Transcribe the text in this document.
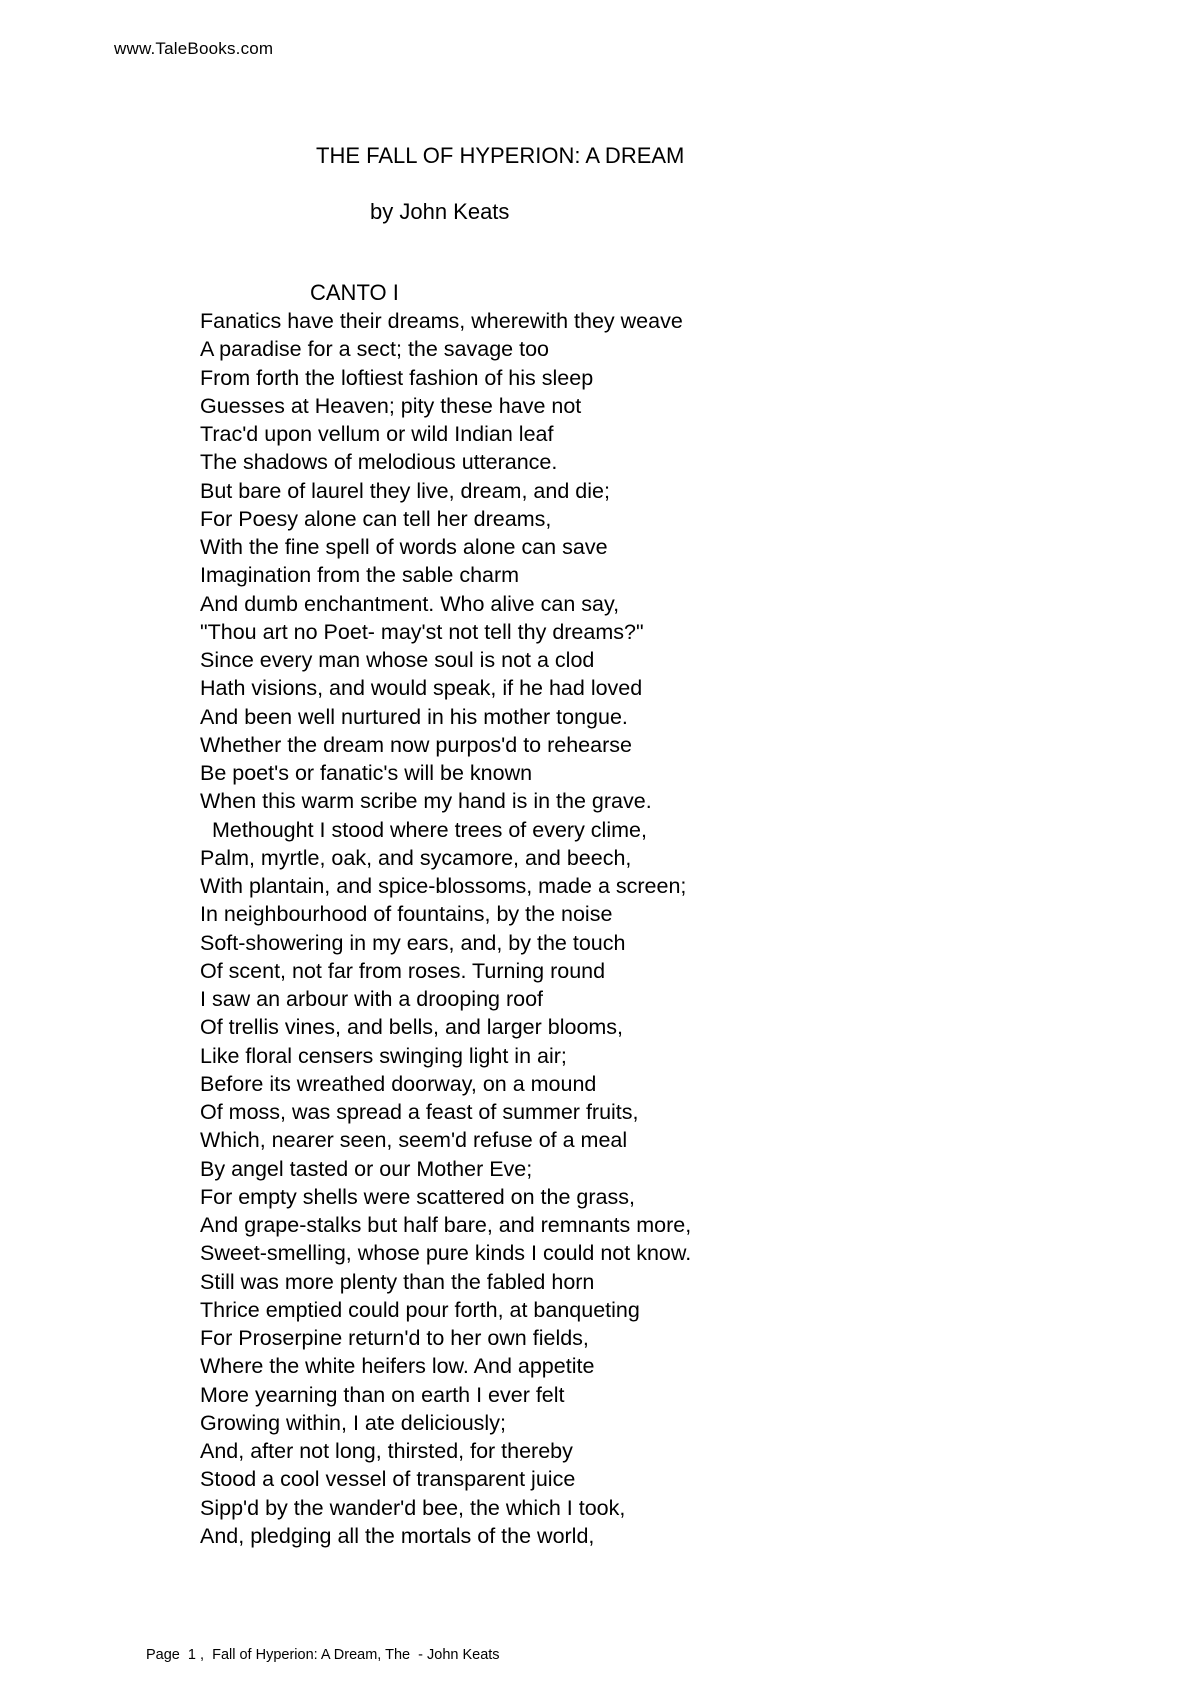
www.TaleBooks.com
THE FALL OF HYPERION: A DREAM
by John Keats
CANTO I
Fanatics have their dreams, wherewith they weave
A paradise for a sect; the savage too
From forth the loftiest fashion of his sleep
Guesses at Heaven; pity these have not
Trac'd upon vellum or wild Indian leaf
The shadows of melodious utterance.
But bare of laurel they live, dream, and die;
For Poesy alone can tell her dreams,
With the fine spell of words alone can save
Imagination from the sable charm
And dumb enchantment. Who alive can say,
"Thou art no Poet- may'st not tell thy dreams?"
Since every man whose soul is not a clod
Hath visions, and would speak, if he had loved
And been well nurtured in his mother tongue.
Whether the dream now purpos'd to rehearse
Be poet's or fanatic's will be known
When this warm scribe my hand is in the grave.
Methought I stood where trees of every clime,
Palm, myrtle, oak, and sycamore, and beech,
With plantain, and spice-blossoms, made a screen;
In neighbourhood of fountains, by the noise
Soft-showering in my ears, and, by the touch
Of scent, not far from roses. Turning round
I saw an arbour with a drooping roof
Of trellis vines, and bells, and larger blooms,
Like floral censers swinging light in air;
Before its wreathed doorway, on a mound
Of moss, was spread a feast of summer fruits,
Which, nearer seen, seem'd refuse of a meal
By angel tasted or our Mother Eve;
For empty shells were scattered on the grass,
And grape-stalks but half bare, and remnants more,
Sweet-smelling, whose pure kinds I could not know.
Still was more plenty than the fabled horn
Thrice emptied could pour forth, at banqueting
For Proserpine return'd to her own fields,
Where the white heifers low. And appetite
More yearning than on earth I ever felt
Growing within, I ate deliciously;
And, after not long, thirsted, for thereby
Stood a cool vessel of transparent juice
Sipp'd by the wander'd bee, the which I took,
And, pledging all the mortals of the world,
Page  1 ,  Fall of Hyperion: A Dream, The  - John Keats
